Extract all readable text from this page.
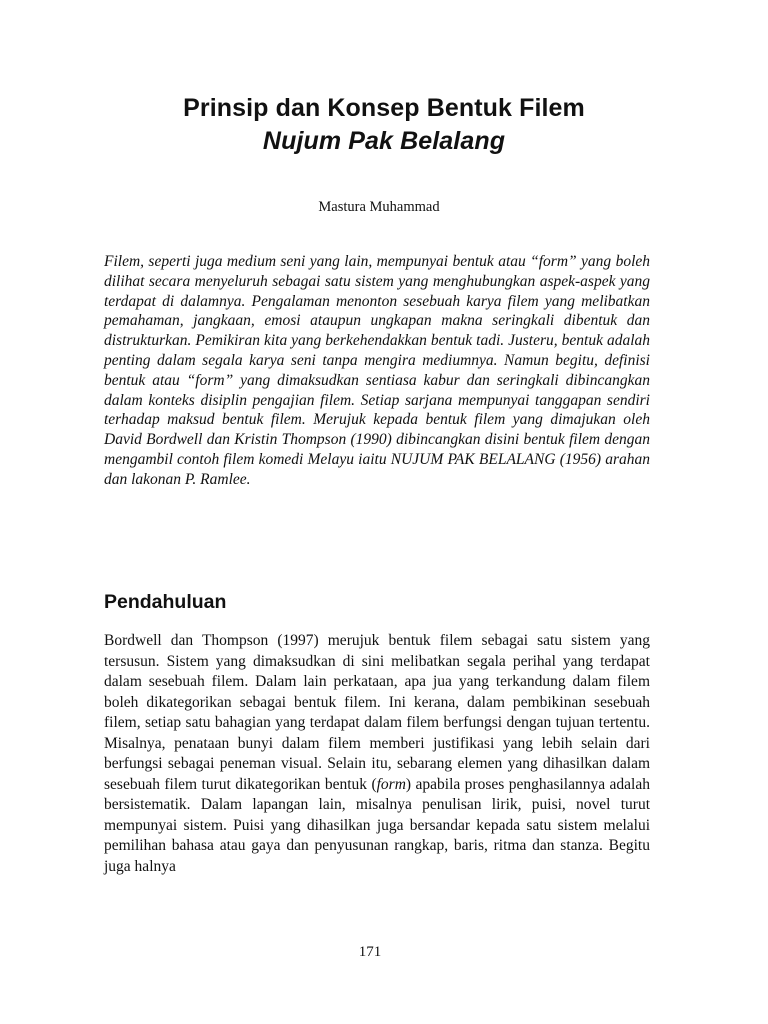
Prinsip dan Konsep Bentuk Filem
Nujum Pak Belalang
Mastura Muhammad

Filem, seperti juga medium seni yang lain, mempunyai bentuk atau “form” yang boleh dilihat secara menyeluruh sebagai satu sistem yang menghubungkan aspek-aspek yang terdapat di dalamnya. Pengalaman menonton sesebuah karya filem yang melibatkan pemahaman, jangkaan, emosi ataupun ungkapan makna seringkali dibentuk dan distrukturkan. Pemikiran kita yang berkehendakkan bentuk tadi. Justeru, bentuk adalah penting dalam segala karya seni tanpa mengira mediumnya. Namun begitu, definisi bentuk atau “form” yang dimaksudkan sentiasa kabur dan seringkali dibincangkan dalam konteks disiplin pengajian filem. Setiap sarjana mempunyai tanggapan sendiri terhadap maksud bentuk filem. Merujuk kepada bentuk filem yang dimajukan oleh David Bordwell dan Kristin Thompson (1990) dibincangkan disini bentuk filem dengan mengambil contoh filem komedi Melayu iaitu NUJUM PAK BELALANG (1956) arahan dan lakonan P. Ramlee.

Pendahuluan

Bordwell dan Thompson (1997) merujuk bentuk filem sebagai satu sistem yang tersusun. Sistem yang dimaksudkan di sini melibatkan segala perihal yang terdapat dalam sesebuah filem. Dalam lain perkataan, apa jua yang terkandung dalam filem boleh dikategorikan sebagai bentuk filem. Ini kerana, dalam pembikinan sesebuah filem, setiap satu bahagian yang terdapat dalam filem berfungsi dengan tujuan tertentu. Misalnya, penataan bunyi dalam filem memberi justifikasi yang lebih selain dari berfungsi sebagai peneman visual. Selain itu, sebarang elemen yang dihasilkan dalam sesebuah filem turut dikategorikan bentuk (form) apabila proses penghasilannya adalah bersistematik. Dalam lapangan lain, misalnya penulisan lirik, puisi, novel turut mempunyai sistem. Puisi yang dihasilkan juga bersandar kepada satu sistem melalui pemilihan bahasa atau gaya dan penyusunan rangkap, baris, ritma dan stanza. Begitu juga halnya

171
